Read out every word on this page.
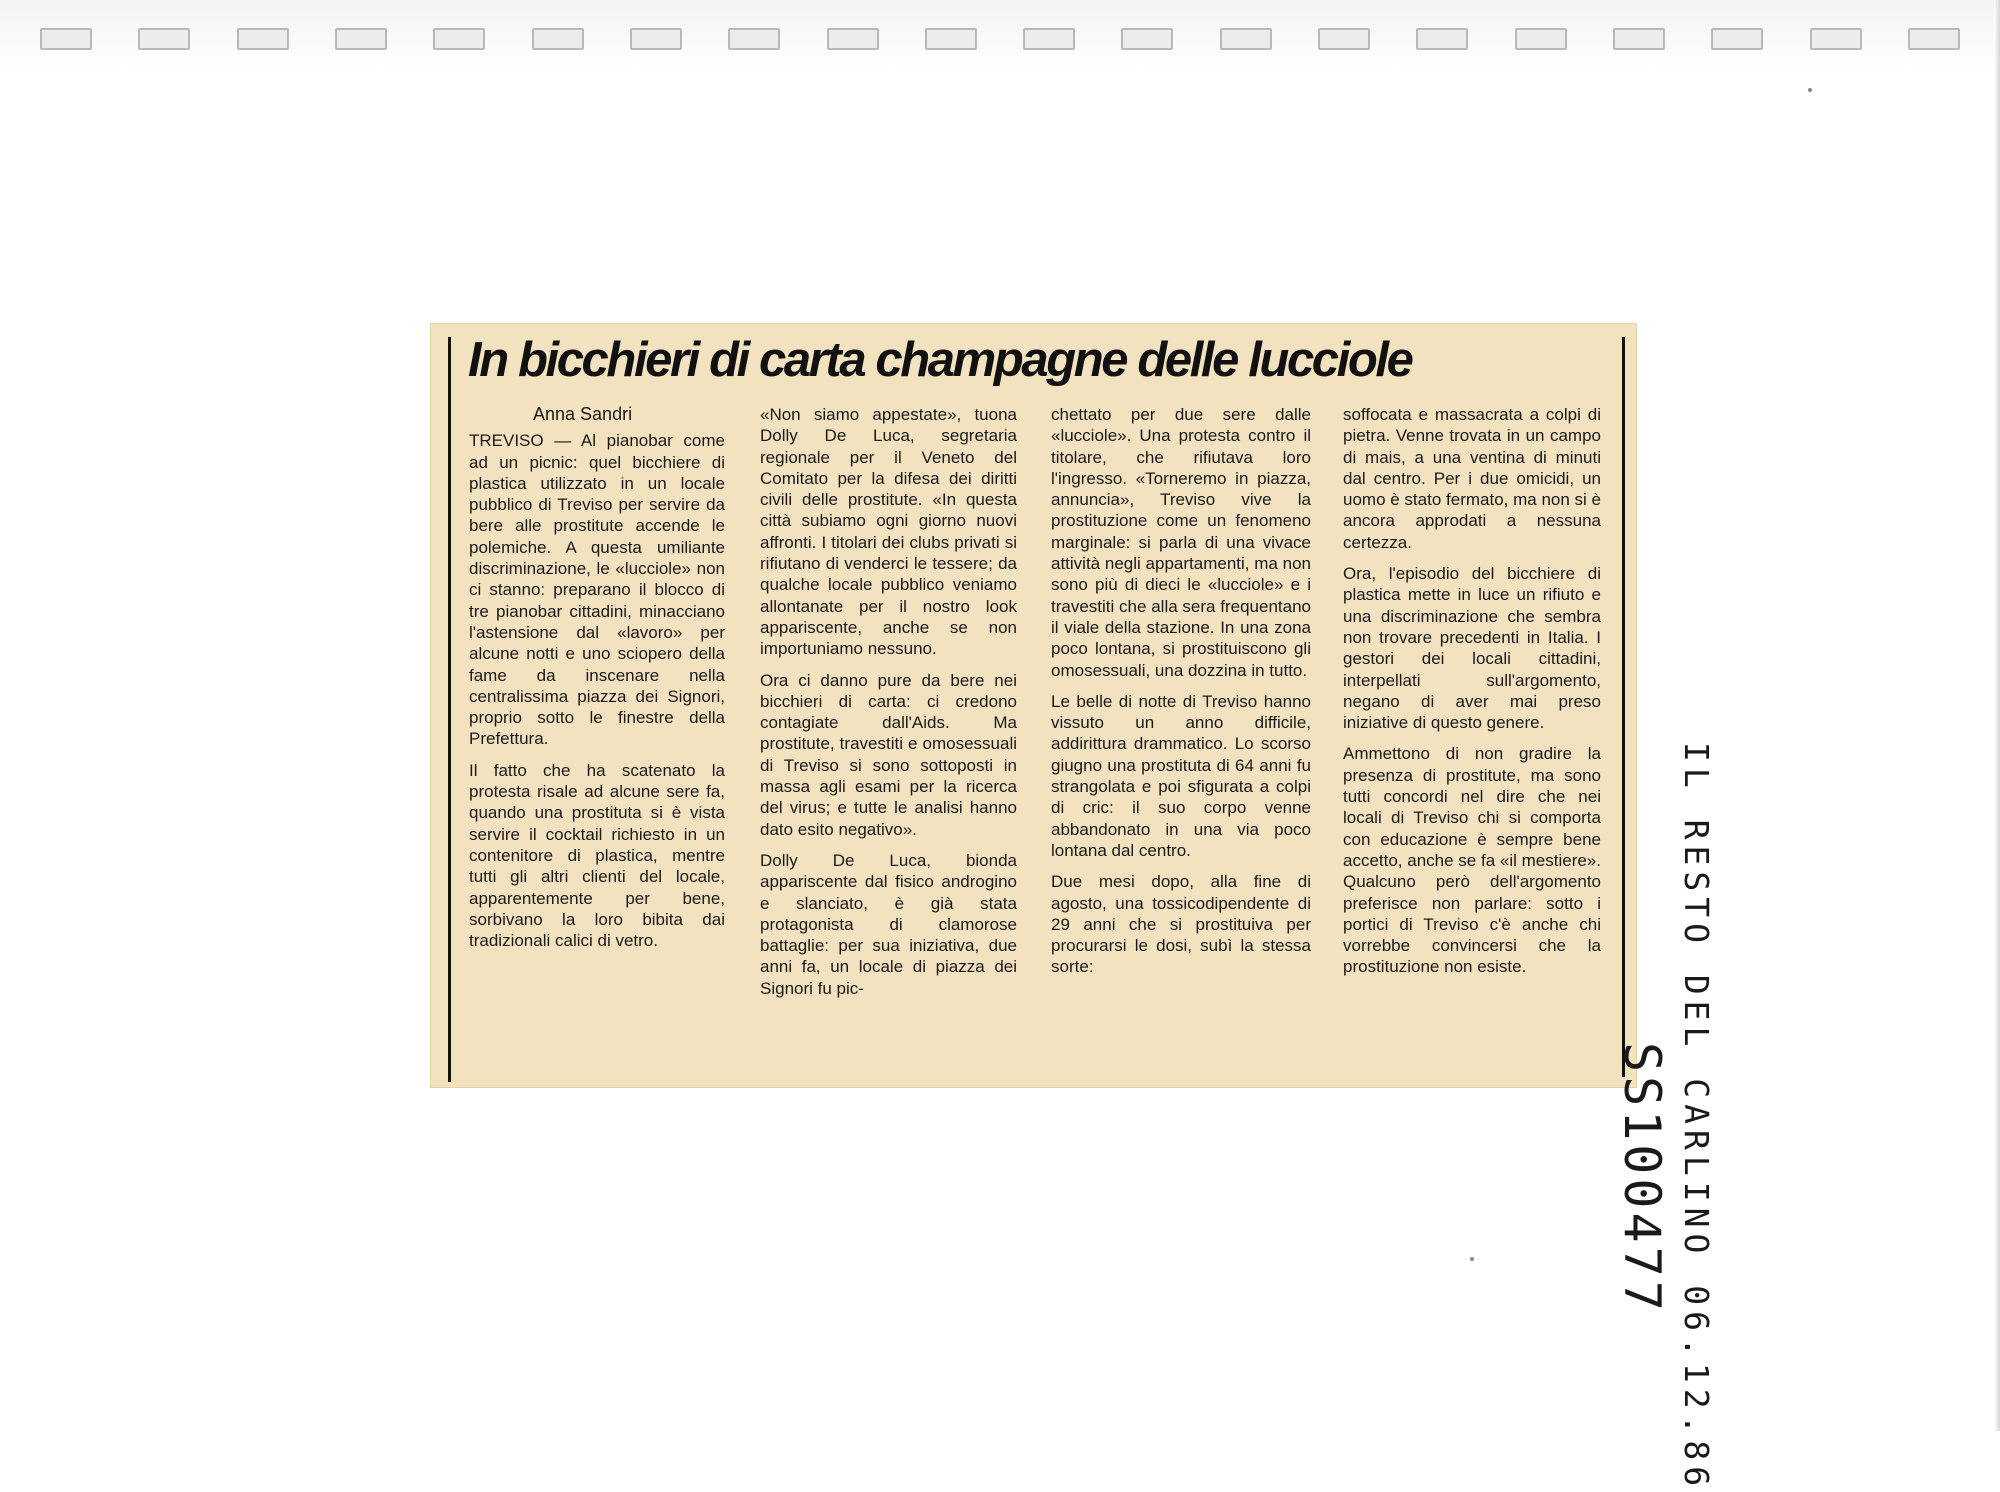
In bicchieri di carta champagne delle lucciole
Anna Sandri

TREVISO — Al pianobar come ad un picnic: quel bicchiere di plastica utilizzato in un locale pubblico di Treviso per servire da bere alle prostitute accende le polemiche. A questa umiliante discriminazione, le «lucciole» non ci stanno: preparano il blocco di tre pianobar cittadini, minacciano l'astensione dal «lavoro» per alcune notti e uno sciopero della fame da inscenare nella centralissima piazza dei Signori, proprio sotto le finestre della Prefettura.

Il fatto che ha scatenato la protesta risale ad alcune sere fa, quando una prostituta si è vista servire il cocktail richiesto in un contenitore di plastica, mentre tutti gli altri clienti del locale, apparentemente per bene, sorbivano la loro bibita dai tradizionali calici di vetro.

«Non siamo appestate», tuona Dolly De Luca, segretaria regionale per il Veneto del Comitato per la difesa dei diritti civili delle prostitute. «In questa città subiamo ogni giorno nuovi affronti. I titolari dei clubs privati si rifiutano di venderci le tessere; da qualche locale pubblico veniamo allontanate per il nostro look appariscente, anche se non importuniamo nessuno.

Ora ci danno pure da bere nei bicchieri di carta: ci credono contagiate dall'Aids. Ma prostitute, travestiti e omosessuali di Treviso si sono sottoposti in massa agli esami per la ricerca del virus; e tutte le analisi hanno dato esito negativo».

Dolly De Luca, bionda appariscente dal fisico androgino e slanciato, è già stata protagonista di clamorose battaglie: per sua iniziativa, due anni fa, un locale di piazza dei Signori fu pic-

chettato per due sere dalle «lucciole». Una protesta contro il titolare, che rifiutava loro l'ingresso. «Torneremo in piazza, annuncia», Treviso vive la prostituzione come un fenomeno marginale: si parla di una vivace attività negli appartamenti, ma non sono più di dieci le «lucciole» e i travestiti che alla sera frequentano il viale della stazione. In una zona poco lontana, si prostituiscono gli omosessuali, una dozzina in tutto.

Le belle di notte di Treviso hanno vissuto un anno difficile, addirittura drammatico. Lo scorso giugno una prostituta di 64 anni fu strangolata e poi sfigurata a colpi di cric: il suo corpo venne abbandonato in una via poco lontana dal centro.

Due mesi dopo, alla fine di agosto, una tossicodipendente di 29 anni che si prostituiva per procurarsi le dosi, subì la stessa sorte:

soffocata e massacrata a colpi di pietra. Venne trovata in un campo di mais, a una ventina di minuti dal centro. Per i due omicidi, un uomo è stato fermato, ma non si è ancora approdati a nessuna certezza.

Ora, l'episodio del bicchiere di plastica mette in luce un rifiuto e una discriminazione che sembra non trovare precedenti in Italia. I gestori dei locali cittadini, interpellati sull'argomento, negano di aver mai preso iniziative di questo genere.

Ammettono di non gradire la presenza di prostitute, ma sono tutti concordi nel dire che nei locali di Treviso chi si comporta con educazione è sempre bene accetto, anche se fa «il mestiere». Qualcuno però dell'argomento preferisce non parlare: sotto i portici di Treviso c'è anche chi vorrebbe convincersi che la prostituzione non esiste.	IL RESTO DEL CARLINO 06.12.86
SS100477
